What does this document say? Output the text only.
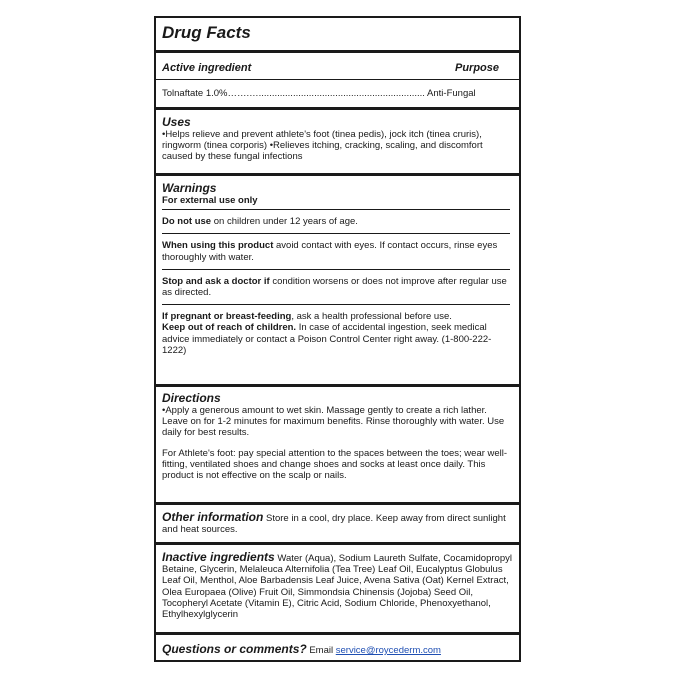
Drug Facts
Active ingredient	Purpose
Tolnaftate 1.0%…….…............................................................... Anti-Fungal
Uses
•Helps relieve and prevent athlete's foot (tinea pedis), jock itch (tinea cruris), ringworm (tinea corporis) •Relieves itching, cracking, scaling, and discomfort caused by these fungal infections
Warnings
For external use only
Do not use on children under 12 years of age.
When using this product avoid contact with eyes. If contact occurs, rinse eyes thoroughly with water.
Stop and ask a doctor if condition worsens or does not improve after regular use as directed.
If pregnant or breast-feeding, ask a health professional before use.
Keep out of reach of children. In case of accidental ingestion, seek medical advice immediately or contact a Poison Control Center right away. (1-800-222-1222)
Directions
•Apply a generous amount to wet skin. Massage gently to create a rich lather. Leave on for 1-2 minutes for maximum benefits. Rinse thoroughly with water. Use daily for best results.
For Athlete's foot: pay special attention to the spaces between the toes; wear well-fitting, ventilated shoes and change shoes and socks at least once daily. This product is not effective on the scalp or nails.
Other information Store in a cool, dry place. Keep away from direct sunlight and heat sources.
Inactive ingredients Water (Aqua), Sodium Laureth Sulfate, Cocamidopropyl Betaine, Glycerin, Melaleuca Alternifolia (Tea Tree) Leaf Oil, Eucalyptus Globulus Leaf Oil, Menthol, Aloe Barbadensis Leaf Juice, Avena Sativa (Oat) Kernel Extract, Olea Europaea (Olive) Fruit Oil, Simmondsia Chinensis (Jojoba) Seed Oil, Tocopheryl Acetate (Vitamin E), Citric Acid, Sodium Chloride, Phenoxyethanol, Ethylhexylglycerin
Questions or comments? Email service@roycederm.com
